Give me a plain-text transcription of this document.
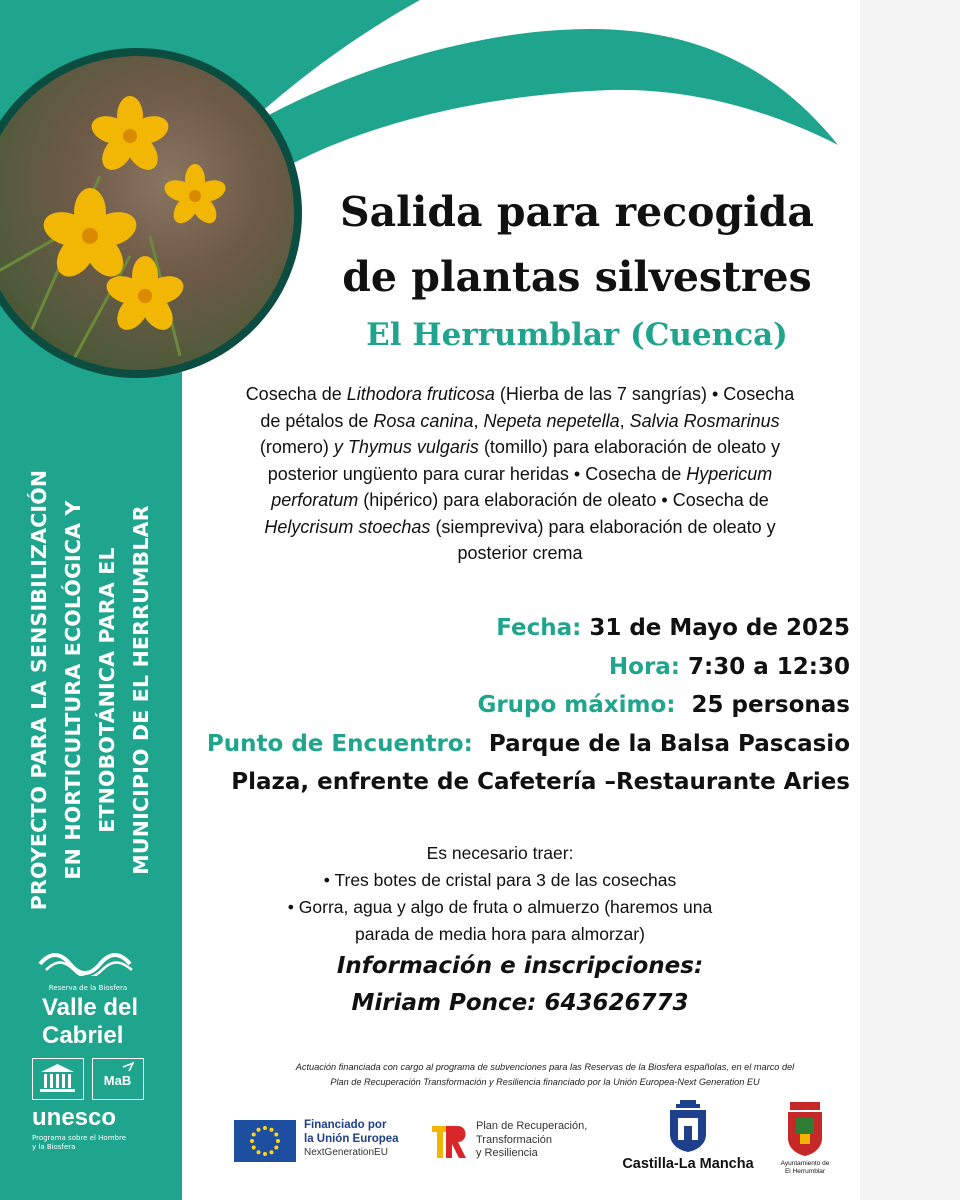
PROYECTO PARA LA SENSIBILIZACIÓN EN HORTICULTURA ECOLÓGICA Y ETNOBOTÁNICA PARA EL MUNICIPIO DE EL HERRUMBLAR
Reserva de la Biosfera
Valle del
Cabriel
MaB
unesco
Programa sobre el Hombre
y la Biosfera
Salida para recogida
de plantas silvestres
El Herrumblar (Cuenca)
Cosecha de Lithodora fruticosa (Hierba de las 7 sangrías) • Cosecha
de pétalos de Rosa canina, Nepeta nepetella, Salvia Rosmarinus
(romero) y Thymus vulgaris (tomillo) para elaboración de oleato y
posterior ungüento para curar heridas • Cosecha de Hypericum
perforatum (hipérico) para elaboración de oleato • Cosecha de
Helycrisum stoechas (siempreviva) para elaboración de oleato y
posterior crema
Fecha: 31 de Mayo de 2025
Hora: 7:30 a 12:30
Grupo máximo: 25 personas
Punto de Encuentro: Parque de la Balsa Pascasio
Plaza, enfrente de Cafetería –Restaurante Aries
Es necesario traer:
• Tres botes de cristal para 3 de las cosechas
• Gorra, agua y algo de fruta o almuerzo (haremos una
parada de media hora para almorzar)
Información e inscripciones:
Miriam Ponce: 643626773
Actuación financiada con cargo al programa de subvenciones para las Reservas de la Biosfera españolas, en el marco del
Plan de Recuperación Transformación y Resiliencia financiado por la Unión Europea-Next Generation EU
Financiado por
la Unión Europea
NextGenerationEU
Plan de Recuperación,
Transformación
y Resiliencia
Castilla-La Mancha	Ayuntamiento de
El Herrumblar
